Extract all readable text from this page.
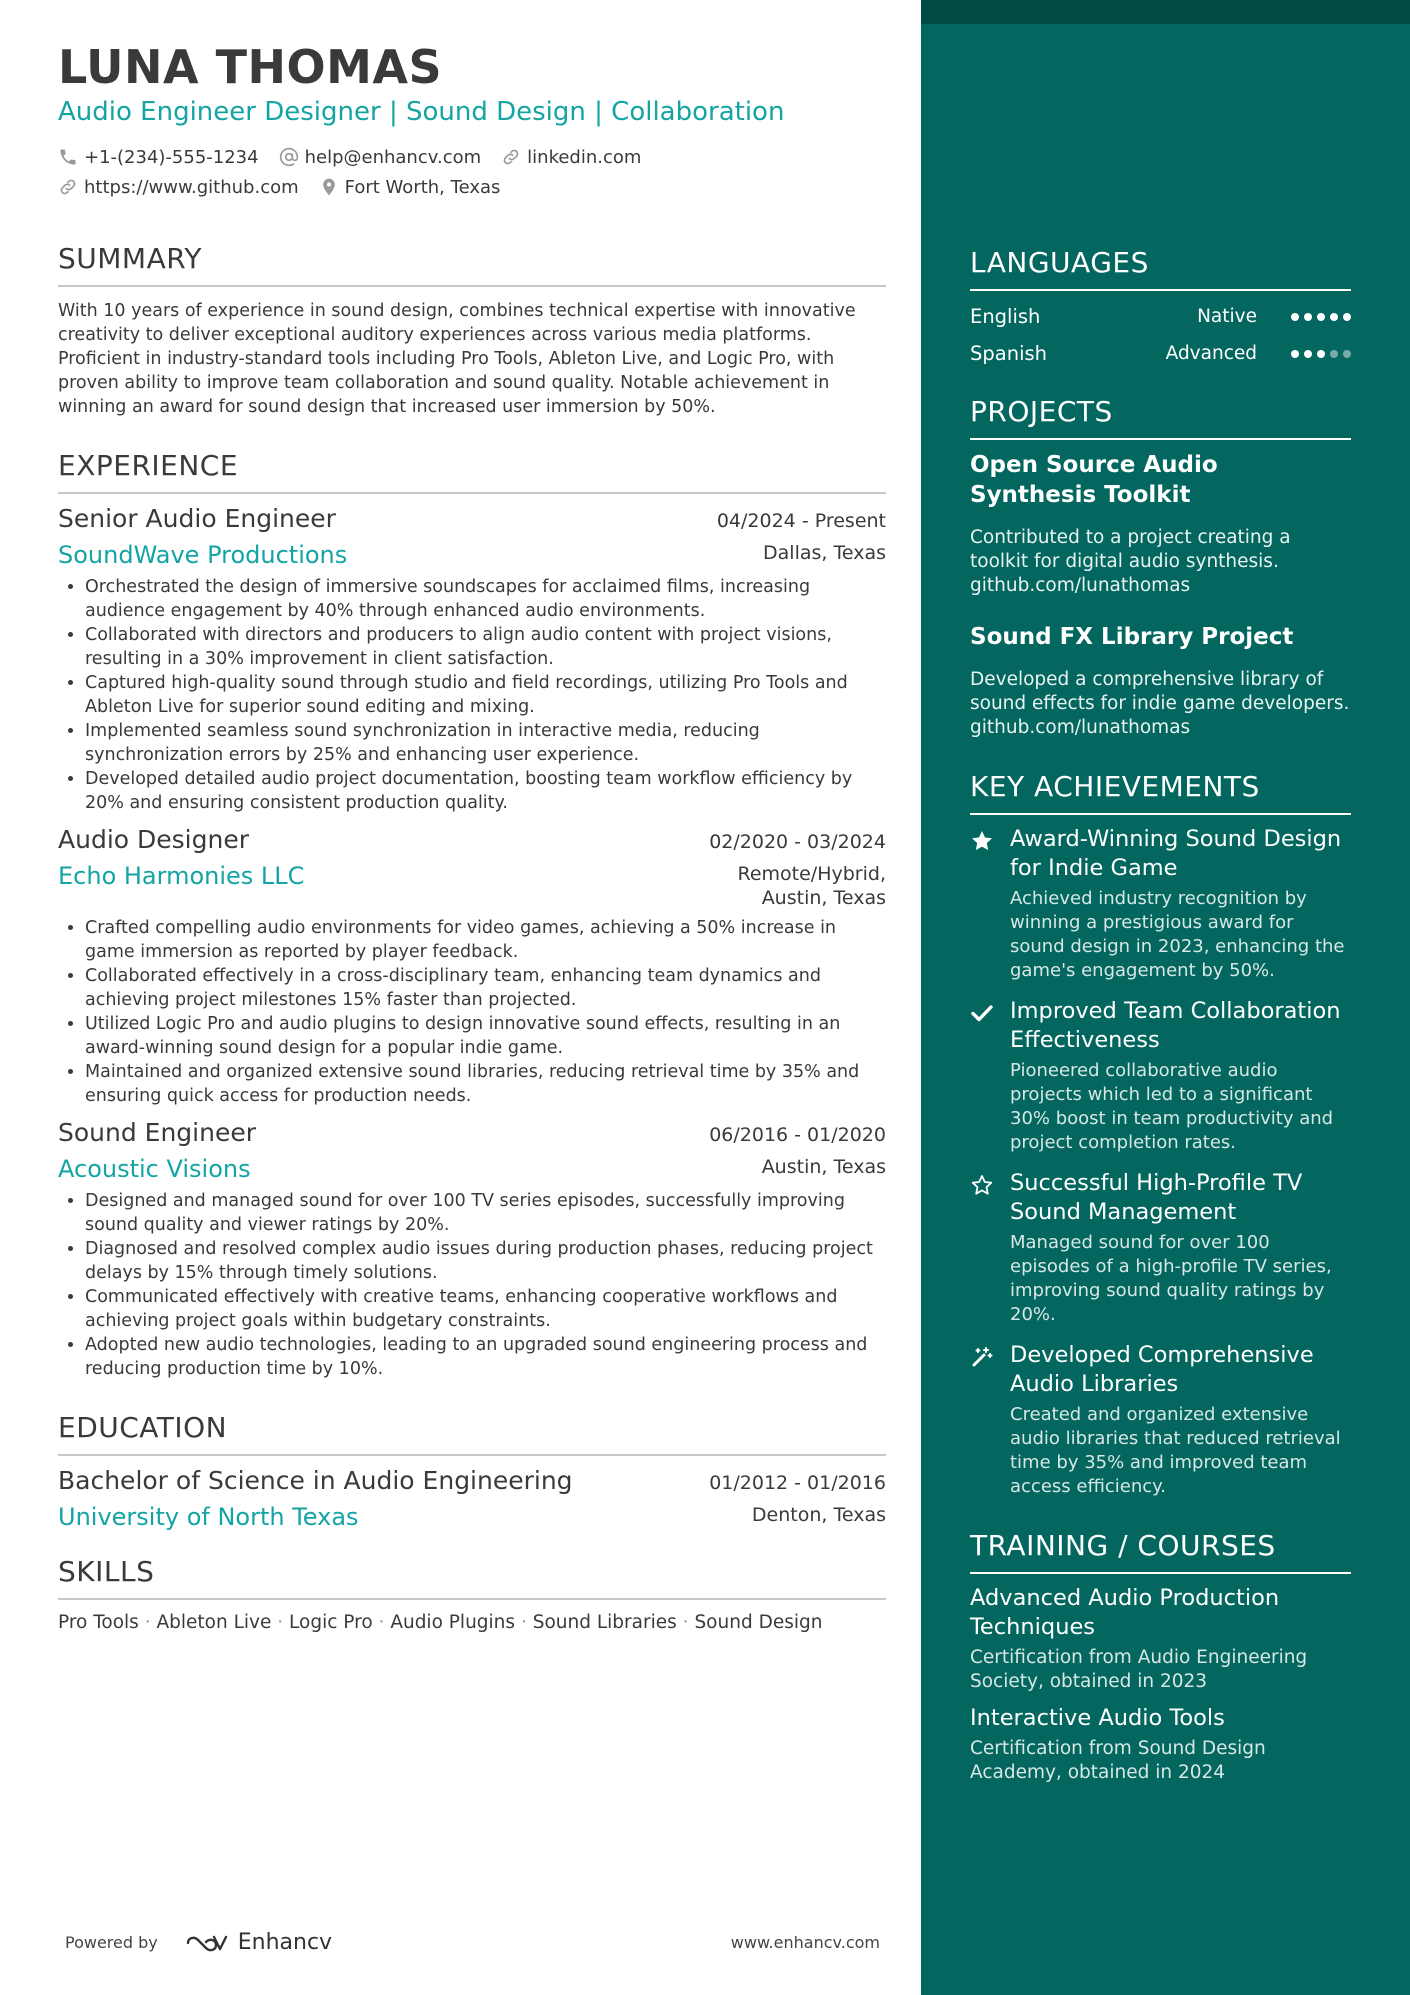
LUNA THOMAS
Audio Engineer Designer | Sound Design | Collaboration
+1-(234)-555-1234	help@enhancv.com	linkedin.com
https://www.github.com	Fort Worth, Texas
SUMMARY
With 10 years of experience in sound design, combines technical expertise with innovative creativity to deliver exceptional auditory experiences across various media platforms. Proficient in industry-standard tools including Pro Tools, Ableton Live, and Logic Pro, with proven ability to improve team collaboration and sound quality. Notable achievement in winning an award for sound design that increased user immersion by 50%.
EXPERIENCE
Senior Audio Engineer	04/2024 - Present
SoundWave Productions	Dallas, Texas
• Orchestrated the design of immersive soundscapes for acclaimed films, increasing audience engagement by 40% through enhanced audio environments.
• Collaborated with directors and producers to align audio content with project visions, resulting in a 30% improvement in client satisfaction.
• Captured high-quality sound through studio and field recordings, utilizing Pro Tools and Ableton Live for superior sound editing and mixing.
• Implemented seamless sound synchronization in interactive media, reducing synchronization errors by 25% and enhancing user experience.
• Developed detailed audio project documentation, boosting team workflow efficiency by 20% and ensuring consistent production quality.
Audio Designer	02/2020 - 03/2024
Echo Harmonies LLC	Remote/Hybrid,
Austin, Texas
• Crafted compelling audio environments for video games, achieving a 50% increase in game immersion as reported by player feedback.
• Collaborated effectively in a cross-disciplinary team, enhancing team dynamics and achieving project milestones 15% faster than projected.
• Utilized Logic Pro and audio plugins to design innovative sound effects, resulting in an award-winning sound design for a popular indie game.
• Maintained and organized extensive sound libraries, reducing retrieval time by 35% and ensuring quick access for production needs.
Sound Engineer	06/2016 - 01/2020
Acoustic Visions	Austin, Texas
• Designed and managed sound for over 100 TV series episodes, successfully improving sound quality and viewer ratings by 20%.
• Diagnosed and resolved complex audio issues during production phases, reducing project delays by 15% through timely solutions.
• Communicated effectively with creative teams, enhancing cooperative workflows and achieving project goals within budgetary constraints.
• Adopted new audio technologies, leading to an upgraded sound engineering process and reducing production time by 10%.
EDUCATION
Bachelor of Science in Audio Engineering	01/2012 - 01/2016
University of North Texas	Denton, Texas
SKILLS
Pro Tools · Ableton Live · Logic Pro · Audio Plugins · Sound Libraries · Sound Design
Powered by	Enhancv	www.enhancv.com
LANGUAGES
English	Native
Spanish	Advanced
PROJECTS
Open Source Audio Synthesis Toolkit
Contributed to a project creating a toolkit for digital audio synthesis.
github.com/lunathomas
Sound FX Library Project
Developed a comprehensive library of sound effects for indie game developers.
github.com/lunathomas
KEY ACHIEVEMENTS
Award-Winning Sound Design for Indie Game
Achieved industry recognition by winning a prestigious award for sound design in 2023, enhancing the game's engagement by 50%.
Improved Team Collaboration Effectiveness
Pioneered collaborative audio projects which led to a significant 30% boost in team productivity and project completion rates.
Successful High-Profile TV Sound Management
Managed sound for over 100 episodes of a high-profile TV series, improving sound quality ratings by 20%.
Developed Comprehensive Audio Libraries
Created and organized extensive audio libraries that reduced retrieval time by 35% and improved team access efficiency.
TRAINING / COURSES
Advanced Audio Production Techniques
Certification from Audio Engineering Society, obtained in 2023
Interactive Audio Tools
Certification from Sound Design Academy, obtained in 2024
